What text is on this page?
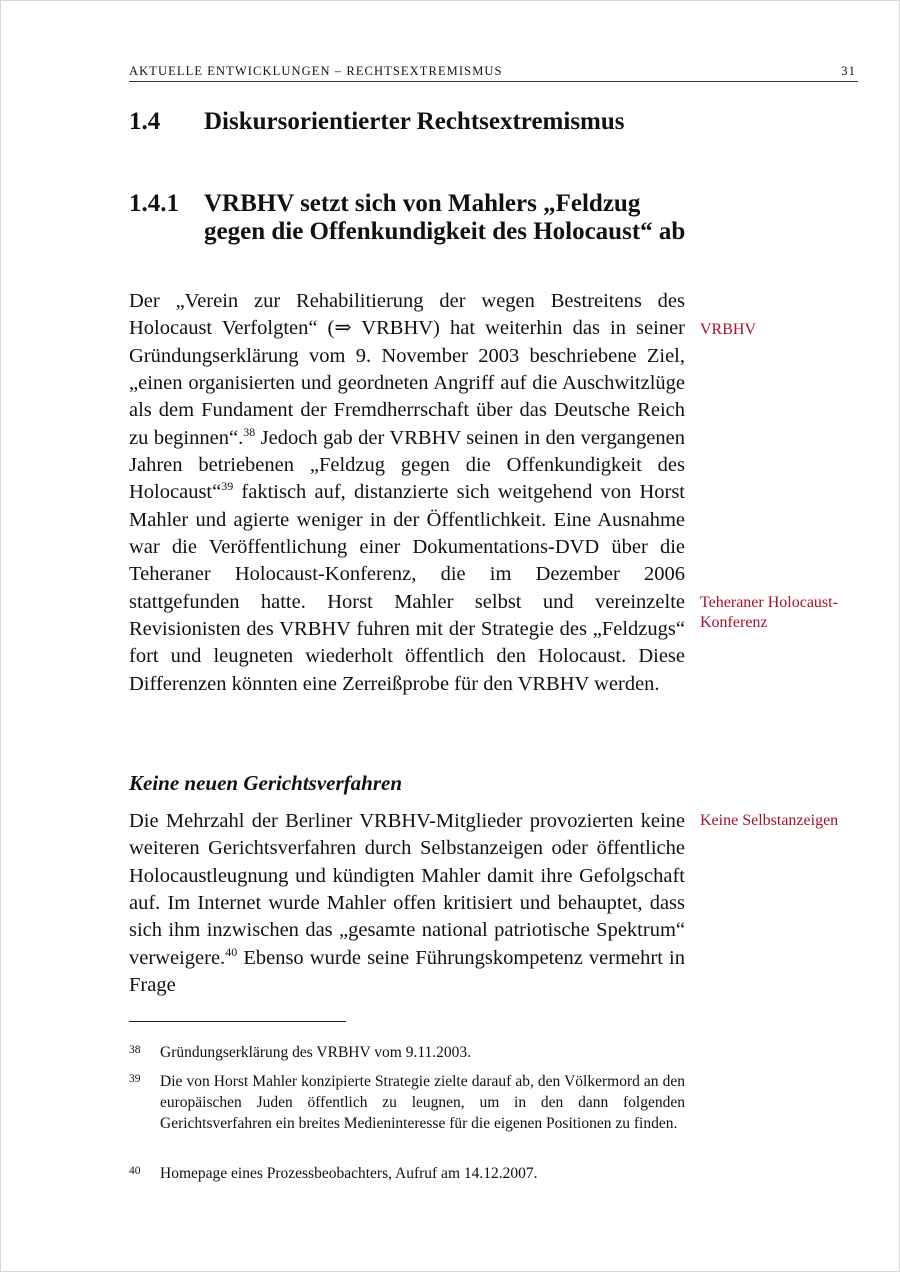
AKTUELLE ENTWICKLUNGEN – RECHTSEXTREMISMUS	31
1.4	Diskursorientierter Rechtsextremismus
1.4.1	VRBHV setzt sich von Mahlers „Feldzug gegen die Offenkundigkeit des Holocaust“ ab

Der „Verein zur Rehabilitierung der wegen Bestreitens des Holocaust Verfolgten“ (⇒ VRBHV) hat weiterhin das in seiner Gründungserklärung vom 9. November 2003 beschriebene Ziel, „einen organisierten und geordneten Angriff auf die Auschwitzlüge als dem Fundament der Fremdherrschaft über das Deutsche Reich zu beginnen“.$^{38}$ Jedoch gab der VRBHV seinen in den vergangenen Jahren betriebenen „Feldzug gegen die Offenkundigkeit des Holocaust“$^{39}$ faktisch auf, distanzierte sich weitgehend von Horst Mahler und agierte weniger in der Öffentlichkeit. Eine Ausnahme war die Veröffentlichung einer Dokumentations-DVD über die Teheraner Holocaust-Konferenz, die im Dezember 2006 stattgefunden hatte. Horst Mahler selbst und vereinzelte Revisionisten des VRBHV fuhren mit der Strategie des „Feldzugs“ fort und leugneten wiederholt öffentlich den Holocaust. Diese Differenzen könnten eine Zerreißprobe für den VRBHV werden.

Keine neuen Gerichtsverfahren

Die Mehrzahl der Berliner VRBHV-Mitglieder provozierten keine weiteren Gerichtsverfahren durch Selbstanzeigen oder öffentliche Holocaustleugnung und kündigten Mahler damit ihre Gefolgschaft auf. Im Internet wurde Mahler offen kritisiert und behauptet, dass sich ihm inzwischen das „gesamte national patriotische Spektrum“ verweigere.$^{40}$ Ebenso wurde seine Führungskompetenz vermehrt in Frage

VRBHV
Teheraner Holocaust-Konferenz
Keine Selbstanzeigen
38	Gründungserklärung des VRBHV vom 9.11.2003.
39	Die von Horst Mahler konzipierte Strategie zielte darauf ab, den Völkermord an den europäischen Juden öffentlich zu leugnen, um in den dann folgenden Gerichtsverfahren ein breites Medieninteresse für die eigenen Positionen zu finden.
40	Homepage eines Prozessbeobachters, Aufruf am 14.12.2007.
